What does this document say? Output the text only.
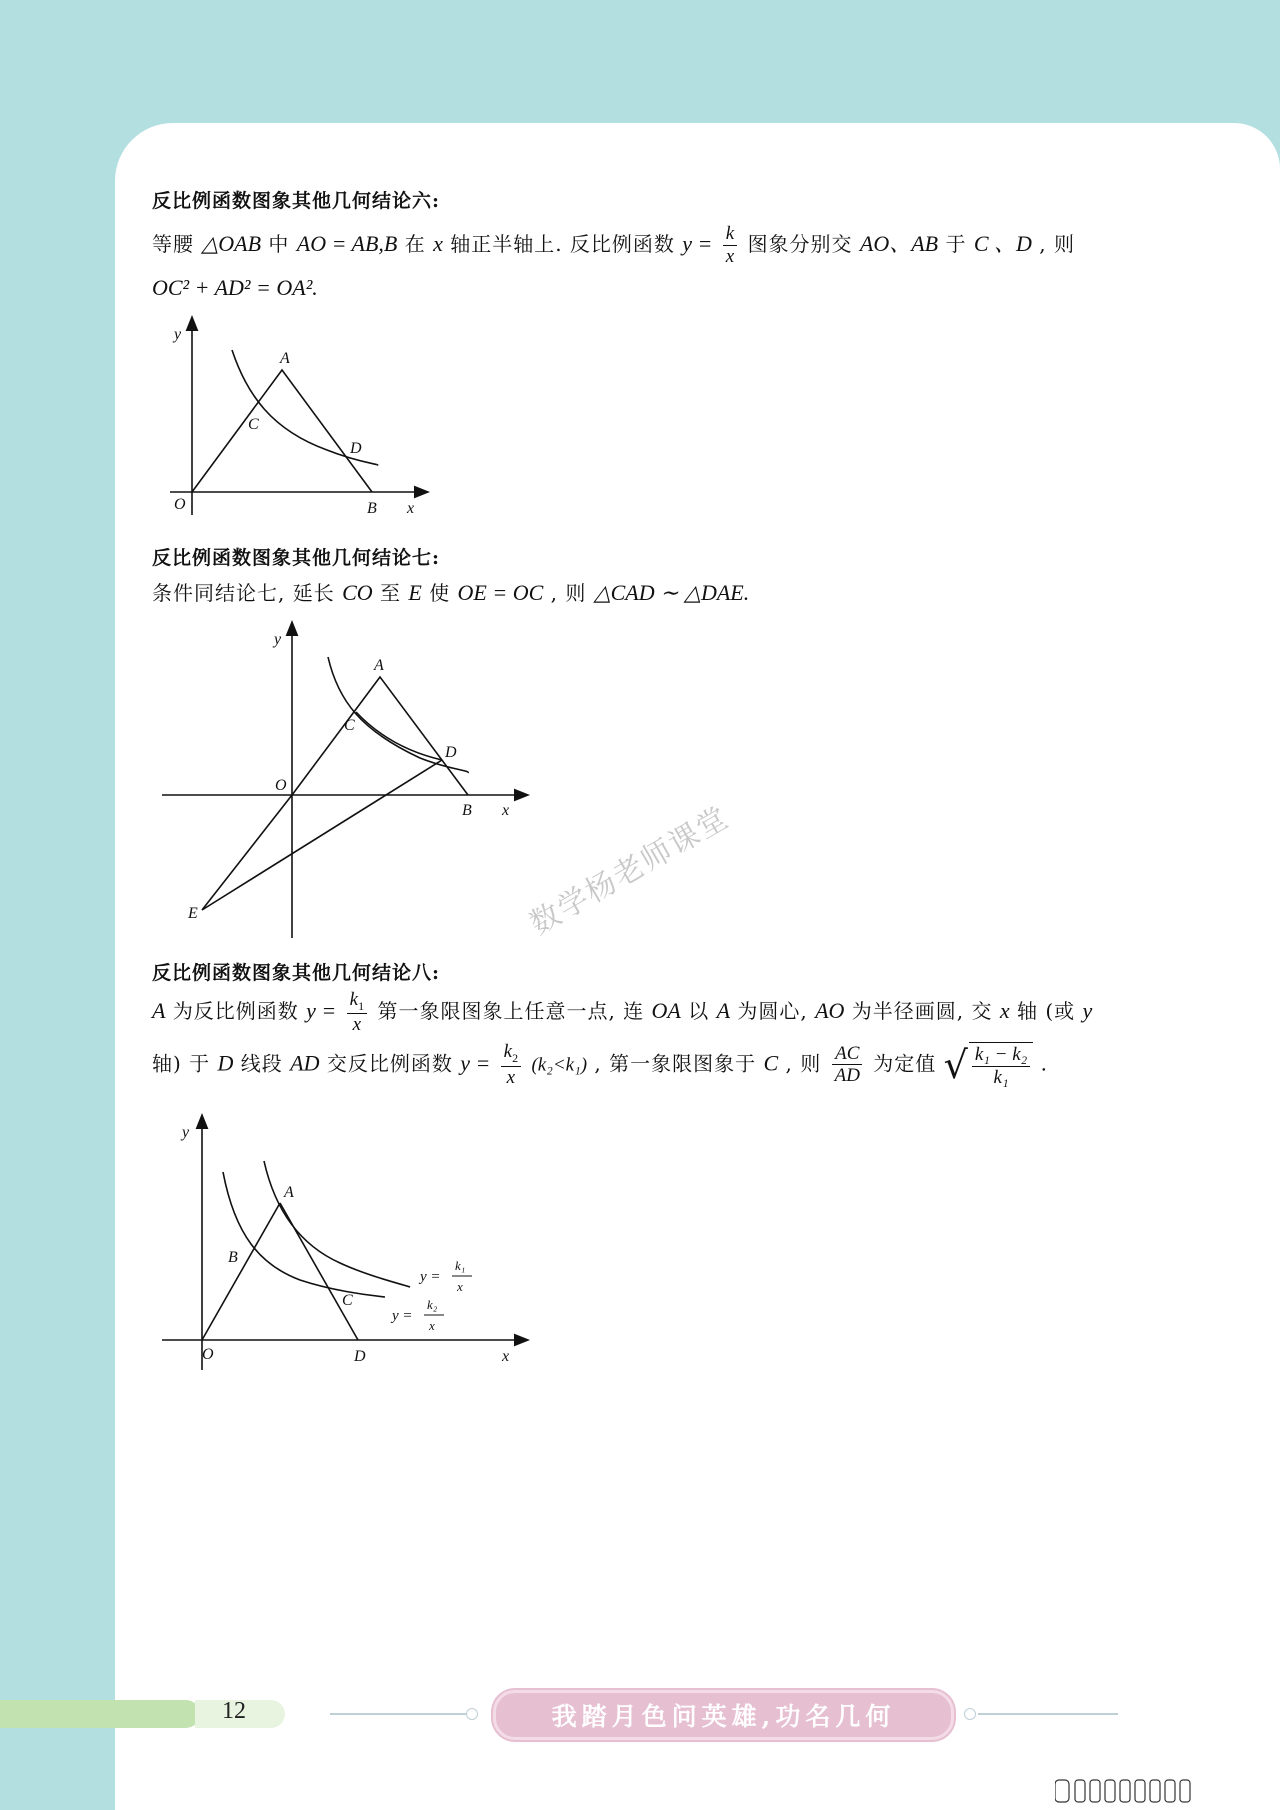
反比例函数图象其他几何结论六:
等腰 △OAB 中 AO = AB,B 在 x 轴正半轴上. 反比例函数 $y = \frac{k}{x}$ 图象分别交 AO、AB 于 C 、D , 则
OC² + AD² = OA².
A
C
D
O	B x
y
反比例函数图象其他几何结论七:
条件同结论七, 延长 CO 至 E 使 OE = OC , 则 △CAD ∼ △DAE.
A
C
D
O
B x
y
E	数学杨老师课堂
反比例函数图象其他几何结论八:
A 为反比例函数 $y = \frac{k_1}{x}$ 第一象限图象上任意一点, 连 OA 以 A 为圆心, AO 为半径画圆, 交 x 轴 (或 y
轴) 于 D 线段 AD 交反比例函数 $y = \frac{k_2}{x} (k_2<k_1)$ , 第一象限图象于 C , 则 $\frac{AC}{AD}$ 为定值 √ $\frac{\text{k₁ − k₂}}{\text{k₁}}$ .
A
B
C
O	D	x
y
y =
k₁
x
y =
k₂
x
12	我踏月色问英雄,功名几何
